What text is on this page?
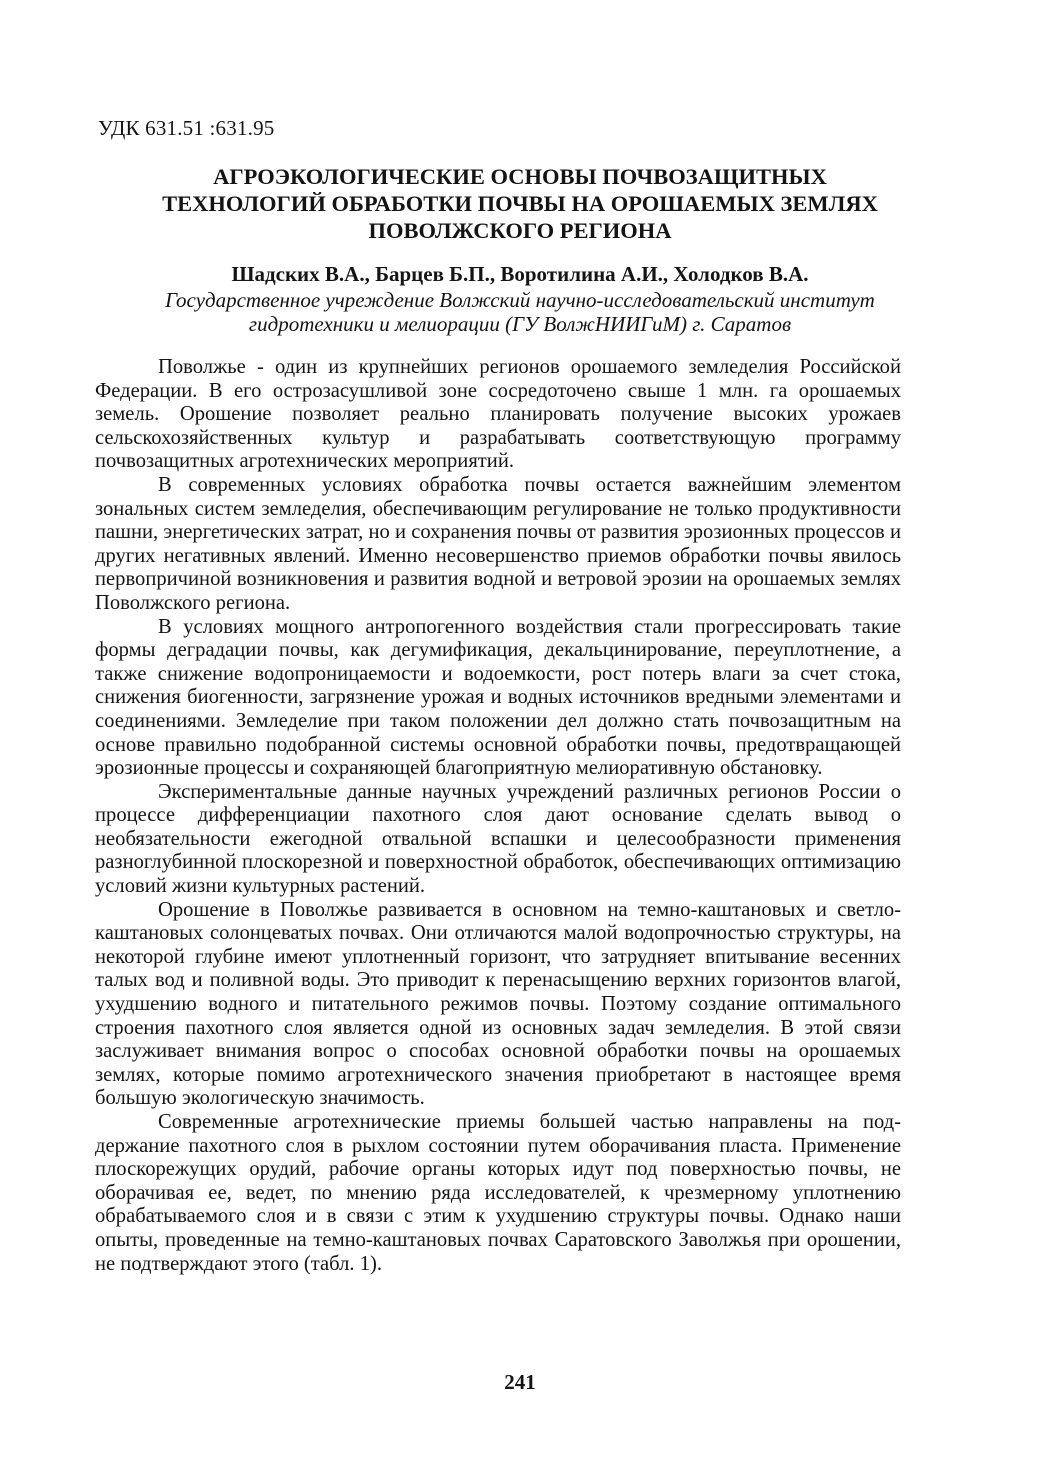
УДК 631.51 :631.95
АГРОЭКОЛОГИЧЕСКИЕ ОСНОВЫ ПОЧВОЗАЩИТНЫХ
ТЕХНОЛОГИЙ ОБРАБОТКИ ПОЧВЫ НА ОРОШАЕМЫХ ЗЕМЛЯХ
ПОВОЛЖСКОГО РЕГИОНА
Шадских В.А., Барцев Б.П., Воротилина А.И., Холодков В.А.
Государственное учреждение Волжский научно-исследовательский институт
гидротехники и мелиорации (ГУ ВолжНИИГиМ) г. Саратов

Поволжье - один из крупнейших регионов орошаемого земледелия Российской Федерации. В его острозасушливой зоне сосредоточено свыше 1 млн. га орошаемых земель. Орошение позволяет реально планировать получение высоких урожаев сельскохозяйственных культур и разрабатывать соответствующую программу почвозащитных агротехнических мероприятий.

В современных условиях обработка почвы остается важнейшим элементом зональных систем земледелия, обеспечивающим регулирование не только продуктивности пашни, энергетических затрат, но и сохранения почвы от развития эрозионных процессов и других негативных явлений. Именно несовершенство приемов обработки почвы явилось первопричиной возникновения и развития водной и ветровой эрозии на орошаемых землях Поволжского региона.

В условиях мощного антропогенного воздействия стали прогрессировать такие формы деградации почвы, как дегумификация, декальцинирование, переуплотнение, а также снижение водопроницаемости и водоемкости, рост потерь влаги за счет стока, снижения биогенности, загрязнение урожая и водных источников вредными элементами и соединениями. Земледелие при таком положении дел должно стать почвозащитным на основе правильно подобранной системы основной обработки почвы, предотвращающей эрозионные процессы и сохраняющей благоприятную мелиоративную обстановку.

Экспериментальные данные научных учреждений различных регионов России о процессе дифференциации пахотного слоя дают основание сделать вывод о необязательности ежегодной отвальной вспашки и целесообразности применения разноглубинной плоскорезной и поверхностной обработок, обеспечивающих оптимизацию условий жизни культурных растений.

Орошение в Поволжье развивается в основном на темно-каштановых и светло-каштановых солонцеватых почвах. Они отличаются малой водопрочностью структуры, на некоторой глубине имеют уплотненный горизонт, что затрудняет впитывание весенних талых вод и поливной воды. Это приводит к перенасыщению верхних горизонтов влагой, ухудшению водного и питательного режимов почвы. Поэтому создание оптимального строения пахотного слоя является одной из основных задач земледелия. В этой связи заслуживает внимания вопрос о способах основной обработки почвы на орошаемых землях, которые помимо агротехнического значения приобретают в настоящее время большую экологическую значимость.

Современные агротехнические приемы большей частью направлены на поддержание пахотного слоя в рыхлом состоянии путем оборачивания пласта. Применение плоскорежущих орудий, рабочие органы которых идут под поверхностью почвы, не оборачивая ее, ведет, по мнению ряда исследователей, к чрезмерному уплотнению обрабатываемого слоя и в связи с этим к ухудшению структуры почвы. Однако наши опыты, проведенные на темно-каштановых почвах Саратовского Заволжья при орошении, не подтверждают этого (табл. 1).

241
